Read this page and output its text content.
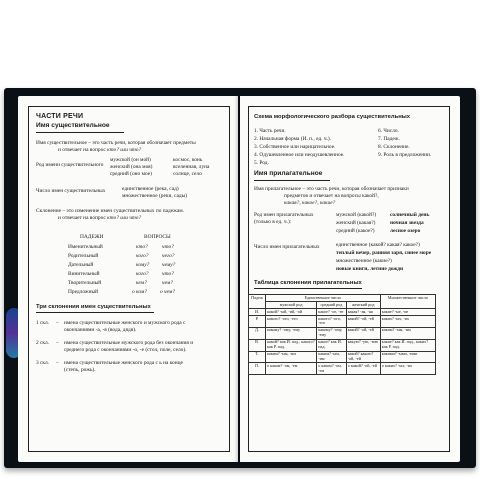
ЧАСТИ РЕЧИ
Имя существительное
Имя существительное – это часть речи, которая обозначает предметы
и отвечает на вопрос кто? или что?
Род имени существительного
мужской (он мой)	космос, конь
женский (она моя)	вселенная, луна
средний (оно мое)	солнце, село
Число имен существительных	единственное (река, сад)
множественное (реки, сады)
Склонение – это изменение имен существительных по падежам.
и отвечает на вопрос кто? или что?
ПАДЕЖИ	ВОПРОСЫ
Именительный	кто?	что?
Родительный	кого? чего?
Дательный	кому? чему?
Винительный	кого? что?
Творительный	кем?	чем?
Предложный	о ком? о чем?
Три склонения имен существительных
1 скл. – имена существительные женского и мужского рода с
окончаниями -а, -я (вода, дядя).
2 скл. – имена существительные мужского рода без окончания и
среднего рода с окончаниями -о, -е (стол, поле, село).
3 скл. – имена существительные женского рода с ь на конце
(степь, рожь).
Схема морфологического разбора существительных
1. Часть речи.
2. Начальная форма (И. п., ед. ч.).
3. Собственное или нарицательное.
4. Одушевленное или неодушевленное.
5. Род.
6. Число.
7. Падеж.
8. Склонение.
9. Роль в предложении.
Имя прилагательное
Имя прилагательное – это часть речи, которая обозначает признаки
предметов и отвечает на вопросы какой?,
какая?, какое?, какие?
Род имен прилагательных
(только в ед. ч.):
мужской (какой?)	солнечный день
женский (какая?)	ночная звезда
средний (какое?)	лесное озеро
Число имен прилагательных	единственное (какой? какая? какое?)
теплый вечер, ранняя заря, синее море
множественное (какие?)
новые книги, летние дожди
Таблица склонения прилагательных
Падеж	Единственное число			Множественное число
	мужской род	средний род	женский род	
И.	какой? -ый, -ий, -ой	какое? -ое, -ее	какая? -ая, -яя	какие? -ые, -ие
Р.	какого? -ого, -его	какого? -ого, -его	какой? -ой, -ей	каких? -ых, -их
Д.	какому? -ому, -ему	какому? -ому, -ему	какой? -ой, -ей	каким? -ым, -им
В.	какой? как И. пад., какого? как Р. пад.	какое? как И. пад.	какую? -ую, -юю	какие? как И. пад., каких? как Р. пад.
Т.	каким? -ым, -им	каким? -ым, -им	какой? какою? -ой, -ей	какими? -ыми, -ими
П.	о каком? -ом, -ем	о каком? -ом, -ем	о какой? -ой, -ей	о каких? -ых, -их
